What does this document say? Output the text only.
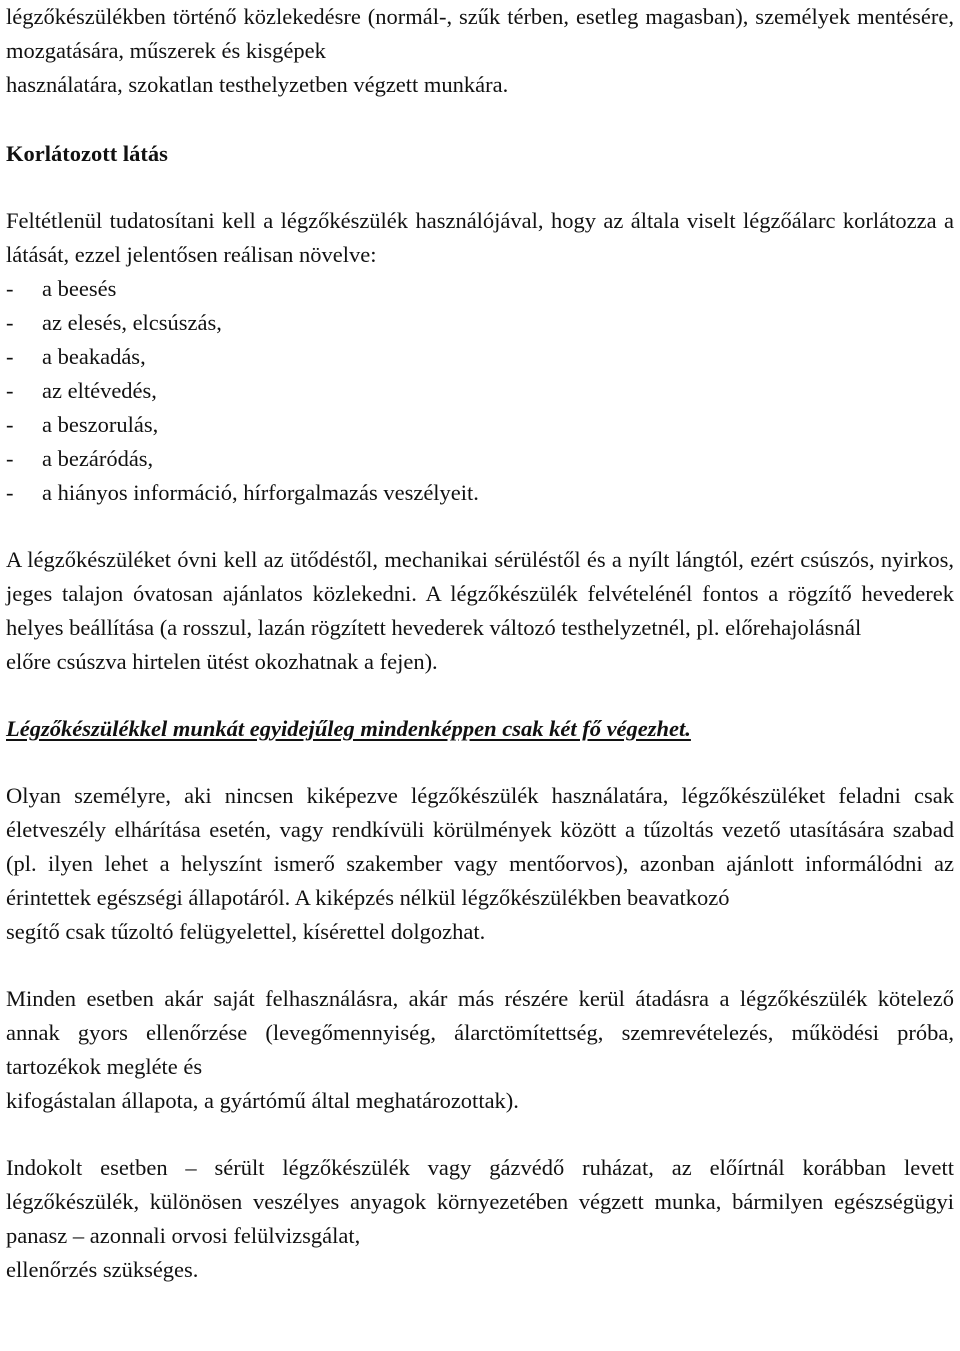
légzőkészülékben történő közlekedésre (normál-, szűk térben, esetleg magasban), személyek mentésére, mozgatására, műszerek és kisgépek

használatára, szokatlan testhelyzetben végzett munkára.

Korlátozott látás

Feltétlenül tudatosítani kell a légzőkészülék használójával, hogy az általa viselt légzőálarc korlátozza a látását, ezzel jelentősen reálisan növelve:

- a beesés
- az elesés, elcsúszás,
- a beakadás,
- az eltévedés,
- a beszorulás,
- a bezáródás,
- a hiányos információ, hírforgalmazás veszélyeit.

A légzőkészüléket óvni kell az ütődéstől, mechanikai sérüléstől és a nyílt lángtól, ezért csúszós, nyirkos, jeges talajon óvatosan ajánlatos közlekedni. A légzőkészülék felvételénél fontos a rögzítő hevederek helyes beállítása (a rosszul, lazán rögzített hevederek változó testhelyzetnél, pl. előrehajolásnál

előre csúszva hirtelen ütést okozhatnak a fejen).

Légzőkészülékkel munkát egyidejűleg mindenképpen csak két fő végezhet.

Olyan személyre, aki nincsen kiképezve légzőkészülék használatára, légzőkészüléket feladni csak életveszély elhárítása esetén, vagy rendkívüli körülmények között a tűzoltás vezető utasítására szabad (pl. ilyen lehet a helyszínt ismerő szakember vagy mentőorvos), azonban ajánlott informálódni az érintettek egészségi állapotáról. A kiképzés nélkül légzőkészülékben beavatkozó

segítő csak tűzoltó felügyelettel, kísérettel dolgozhat.

Minden esetben akár saját felhasználásra, akár más részére kerül átadásra a légzőkészülék kötelező annak gyors ellenőrzése (levegőmennyiség, álarctömítettség, szemrevételezés, működési próba, tartozékok megléte és

kifogástalan állapota, a gyártómű által meghatározottak).

Indokolt esetben – sérült légzőkészülék vagy gázvédő ruházat, az előírtnál korábban levett légzőkészülék, különösen veszélyes anyagok környezetében végzett munka, bármilyen egészségügyi panasz – azonnali orvosi felülvizsgálat,

ellenőrzés szükséges.
